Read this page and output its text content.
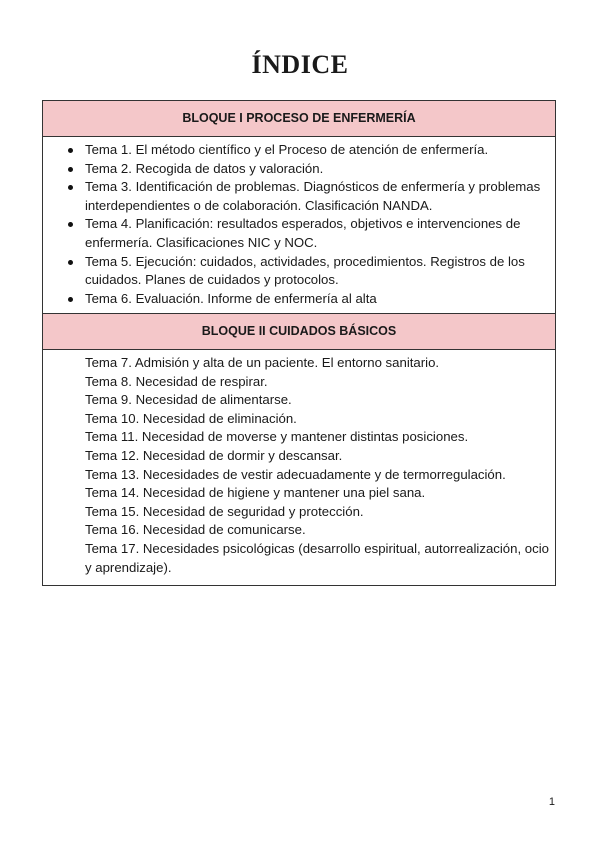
ÍNDICE
BLOQUE I PROCESO DE ENFERMERÍA
Tema 1. El método científico y el Proceso de atención de enfermería.
Tema 2. Recogida de datos y valoración.
Tema 3. Identificación de problemas. Diagnósticos de enfermería y problemas interdependientes o de colaboración. Clasificación NANDA.
Tema 4. Planificación: resultados esperados, objetivos e intervenciones de enfermería. Clasificaciones NIC y NOC.
Tema 5. Ejecución: cuidados, actividades, procedimientos. Registros de los cuidados. Planes de cuidados y protocolos.
Tema 6. Evaluación. Informe de enfermería al alta
BLOQUE II CUIDADOS BÁSICOS

Tema 7. Admisión y alta de un paciente. El entorno sanitario.

Tema 8. Necesidad de respirar.

Tema 9. Necesidad de alimentarse.

Tema 10. Necesidad de eliminación.

Tema 11. Necesidad de moverse y mantener distintas posiciones.

Tema 12. Necesidad de dormir y descansar.

Tema 13. Necesidades de vestir adecuadamente y de termorregulación.

Tema 14. Necesidad de higiene y mantener una piel sana.

Tema 15. Necesidad de seguridad y protección.

Tema 16. Necesidad de comunicarse.

Tema 17. Necesidades psicológicas (desarrollo espiritual, autorrealización, ocio y aprendizaje).

1
